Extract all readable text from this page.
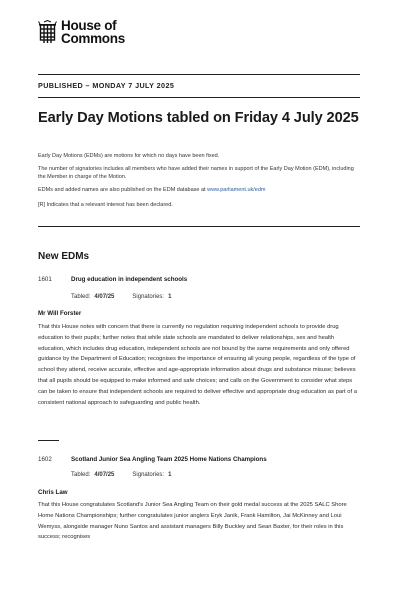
House of
Commons
PUBLISHED – MONDAY 7 JULY 2025
Early Day Motions tabled on Friday 4 July 2025
Early Day Motions (EDMs) are motions for which no days have been fixed.
The number of signatories includes all members who have added their names in support of the Early Day Motion (EDM), including the Member in charge of the Motion.
EDMs and added names are also published on the EDM database at www.parliament.uk/edm
[R] Indicates that a relevant interest has been declared.
New EDMs
1601	Drug education in independent schools
Tabled: 4/07/25	Signatories: 1
Mr Will Forster
That this House notes with concern that there is currently no regulation requiring independent schools to provide drug education to their pupils; further notes that while state schools are mandated to deliver relationships, sex and health education, which includes drug education, independent schools are not bound by the same requirements and only offered guidance by the Department of Education; recognises the importance of ensuring all young people, regardless of the type of school they attend, receive accurate, effective and age-appropriate information about drugs and substance misuse; believes that all pupils should be equipped to make informed and safe choices; and calls on the Government to consider what steps can be taken to ensure that independent schools are required to deliver effective and appropriate drug education as part of a consistent national approach to safeguarding and public health.
1602	Scotland Junior Sea Angling Team 2025 Home Nations Champions
Tabled: 4/07/25	Signatories: 1
Chris Law
That this House congratulates Scotland's Junior Sea Angling Team on their gold medal success at the 2025 SALC Shore Home Nations Championships; further congratulates junior anglers Eryk Janik, Frank Hamilton, Jai McKinney and Loui Wemyss, alongside manager Nuno Santos and assistant managers Billy Buckley and Sean Baxter, for their roles in this success; recognises
